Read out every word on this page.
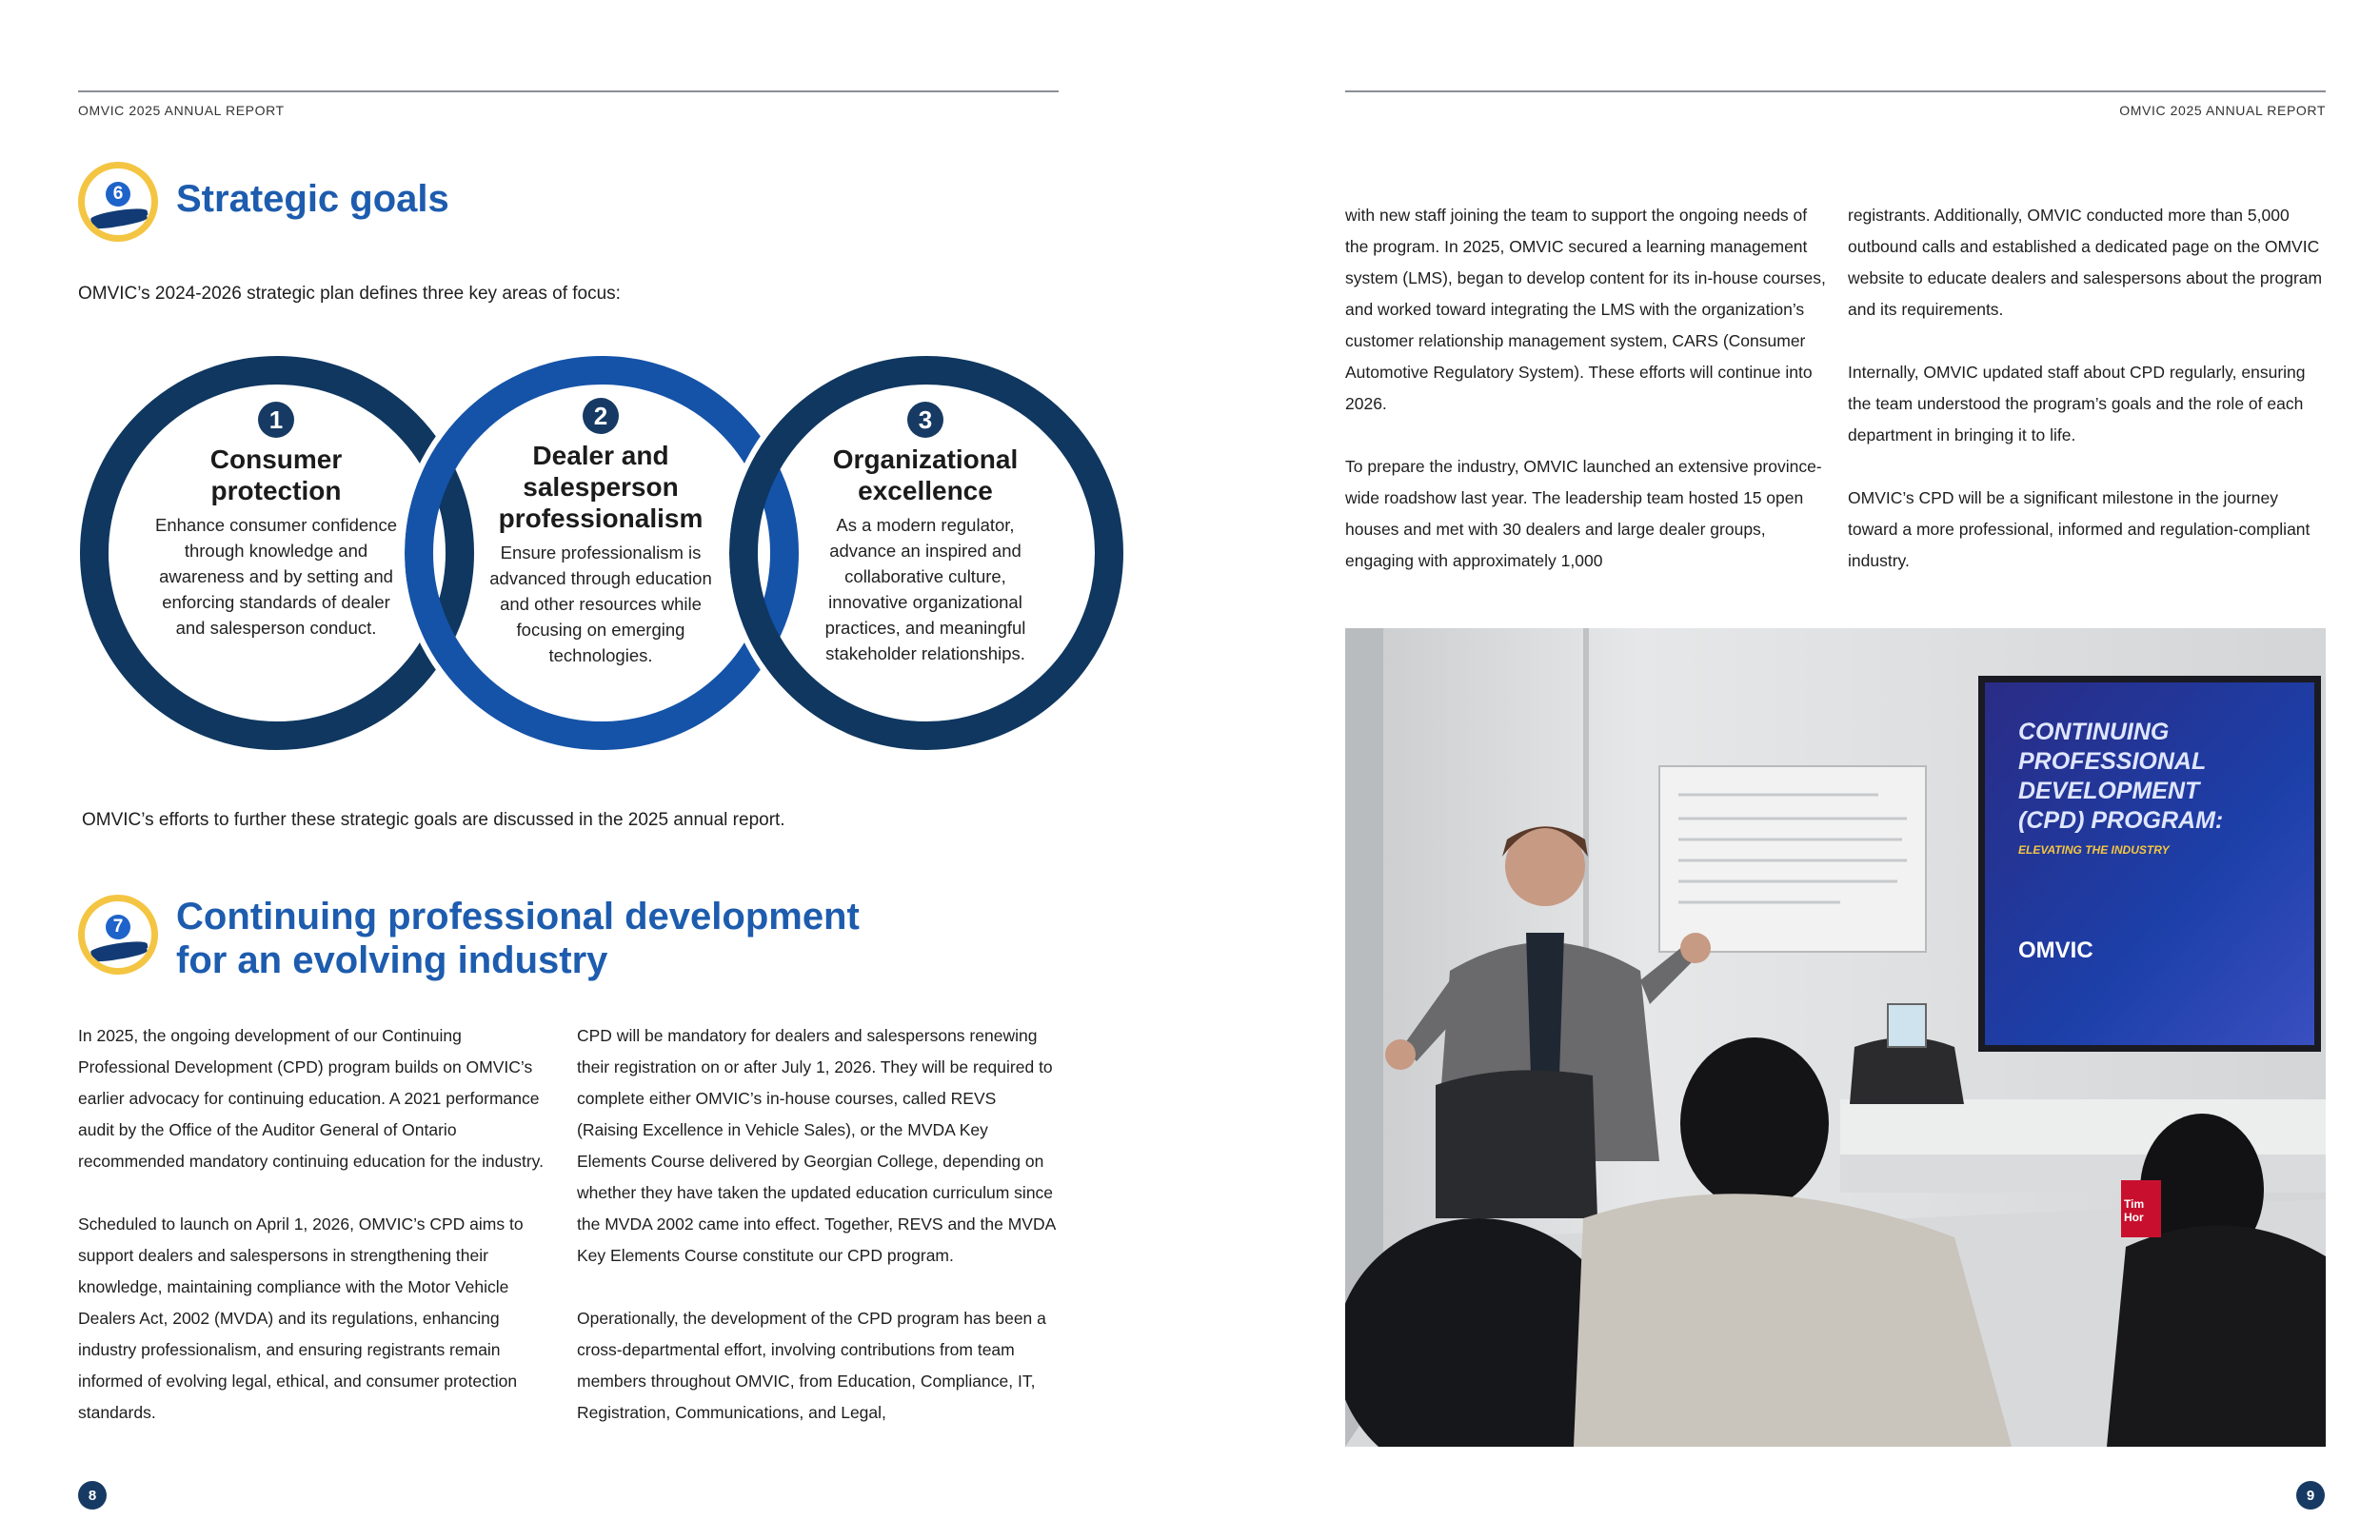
OMVIC 2025 ANNUAL REPORT
6 Strategic goals
OMVIC’s 2024-2026 strategic plan defines three key areas of focus:
1
Consumer
protection
Enhance consumer confidence through knowledge and awareness and by setting and enforcing standards of dealer and salesperson conduct.
2
Dealer and
salesperson
professionalism
Ensure professionalism is advanced through education and other resources while focusing on emerging technologies.
3
Organizational
excellence
As a modern regulator, advance an inspired and collaborative culture, innovative organizational practices, and meaningful stakeholder relationships.
OMVIC’s efforts to further these strategic goals are discussed in the 2025 annual report.
7 Continuing professional development
for an evolving industry

In 2025, the ongoing development of our Continuing Professional Development (CPD) program builds on OMVIC’s earlier advocacy for continuing education. A 2021 performance audit by the Office of the Auditor General of Ontario recommended mandatory continuing education for the industry.

Scheduled to launch on April 1, 2026, OMVIC’s CPD aims to support dealers and salespersons in strengthening their knowledge, maintaining compliance with the Motor Vehicle Dealers Act, 2002 (MVDA) and its regulations, enhancing industry professionalism, and ensuring registrants remain informed of evolving legal, ethical, and consumer protection standards.

CPD will be mandatory for dealers and salespersons renewing their registration on or after July 1, 2026. They will be required to complete either OMVIC’s in-house courses, called REVS (Raising Excellence in Vehicle Sales), or the MVDA Key Elements Course delivered by Georgian College, depending on whether they have taken the updated education curriculum since the MVDA 2002 came into effect. Together, REVS and the MVDA Key Elements Course constitute our CPD program.

Operationally, the development of the CPD program has been a cross-departmental effort, involving contributions from team members throughout OMVIC, from Education, Compliance, IT, Registration, Communications, and Legal,

8
OMVIC 2025 ANNUAL REPORT

with new staff joining the team to support the ongoing needs of the program. In 2025, OMVIC secured a learning management system (LMS), began to develop content for its in-house courses, and worked toward integrating the LMS with the organization’s customer relationship management system, CARS (Consumer Automotive Regulatory System). These efforts will continue into 2026.

To prepare the industry, OMVIC launched an extensive province-wide roadshow last year. The leadership team hosted 15 open houses and met with 30 dealers and large dealer groups, engaging with approximately 1,000

registrants. Additionally, OMVIC conducted more than 5,000 outbound calls and established a dedicated page on the OMVIC website to educate dealers and salespersons about the program and its requirements.

Internally, OMVIC updated staff about CPD regularly, ensuring the team understood the program’s goals and the role of each department in bringing it to life.

OMVIC’s CPD will be a significant milestone in the journey toward a more professional, informed and regulation-compliant industry.

CONTINUING
PROFESSIONAL
DEVELOPMENT
(CPD) PROGRAM:
ELEVATING THE INDUSTRY
OMVIC
Tim Hor
9
